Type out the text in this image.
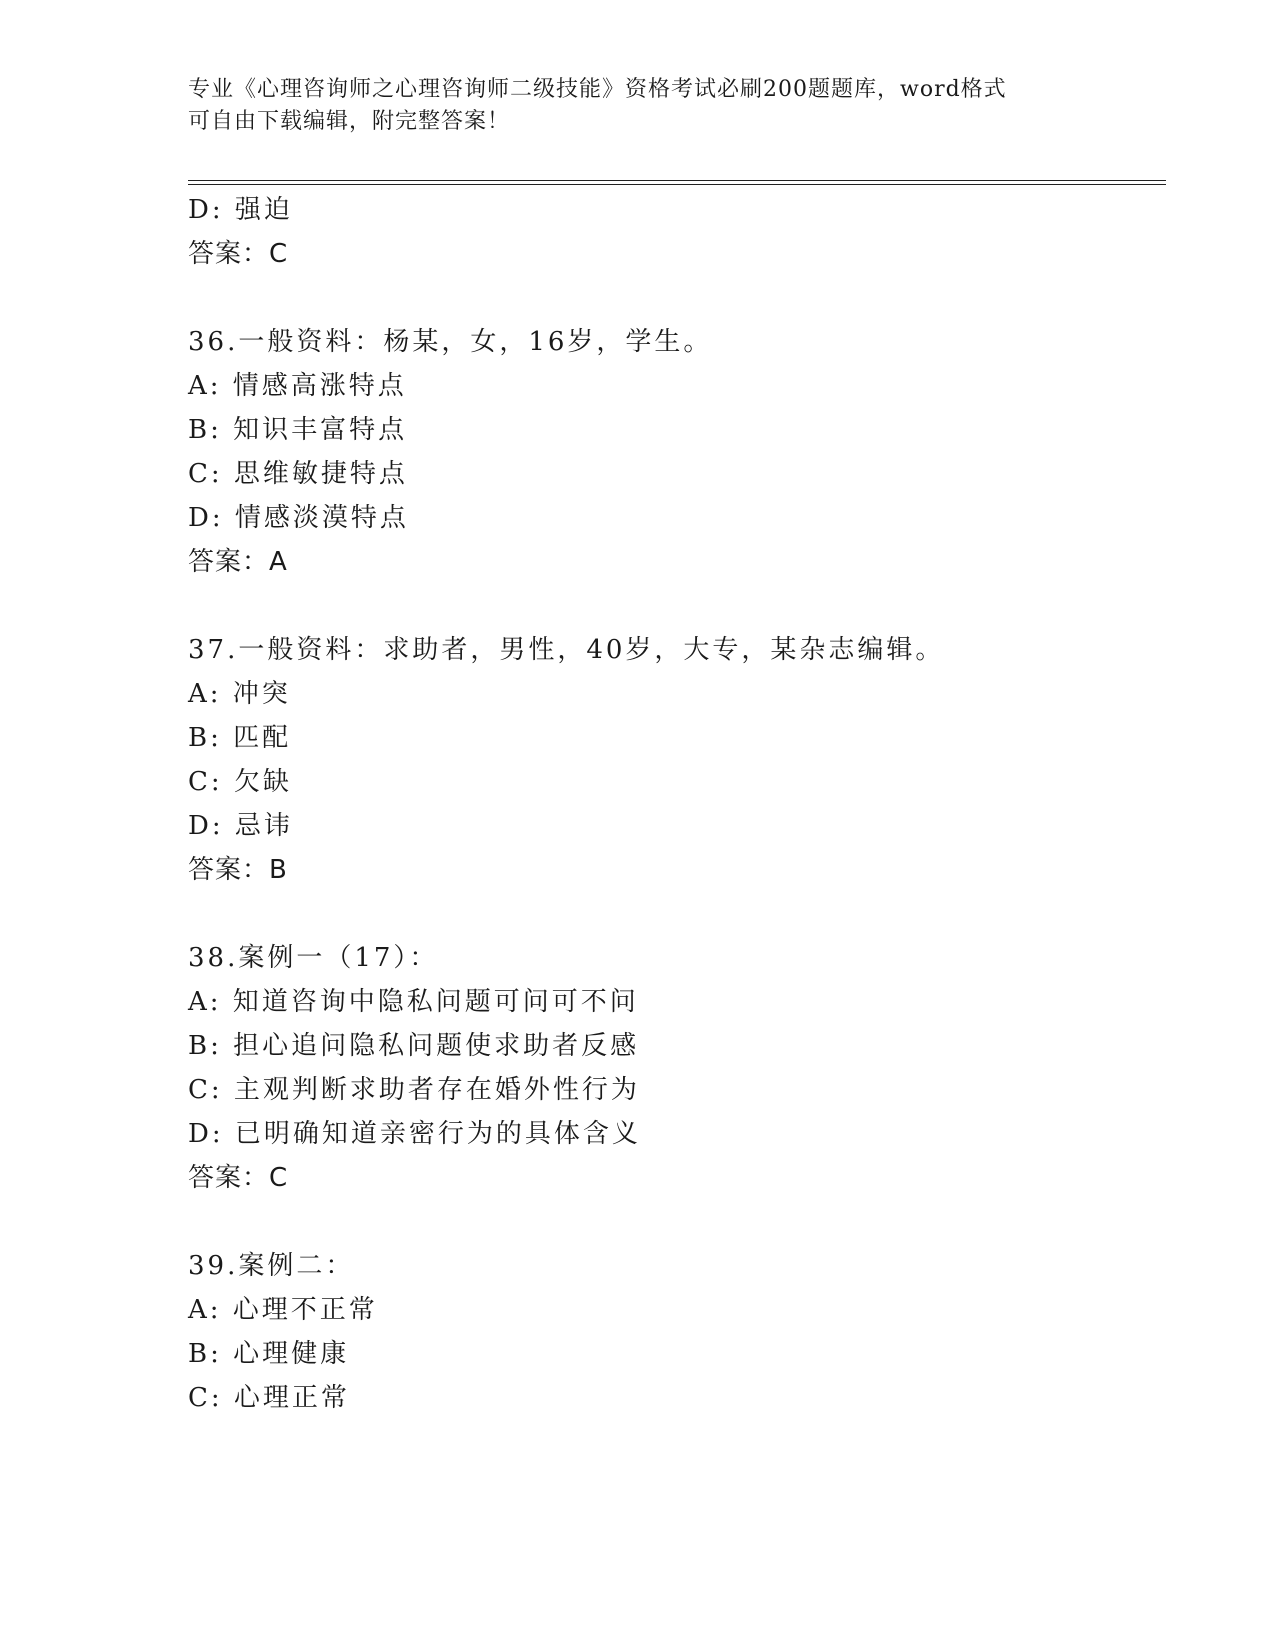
专业《心理咨询师之心理咨询师二级技能》资格考试必刷200题题库，word格式
可自由下载编辑，附完整答案！
D: 强迫
答案：C
36.一般资料：杨某，女，16岁，学生。
A: 情感高涨特点
B: 知识丰富特点
C: 思维敏捷特点
D: 情感淡漠特点
答案：A
37.一般资料：求助者，男性，40岁，大专，某杂志编辑。
A: 冲突
B: 匹配
C: 欠缺
D: 忌讳
答案：B
38.案例一（17）：
A: 知道咨询中隐私问题可问可不问
B: 担心追问隐私问题使求助者反感
C: 主观判断求助者存在婚外性行为
D: 已明确知道亲密行为的具体含义
答案：C
39.案例二：
A: 心理不正常
B: 心理健康
C: 心理正常
